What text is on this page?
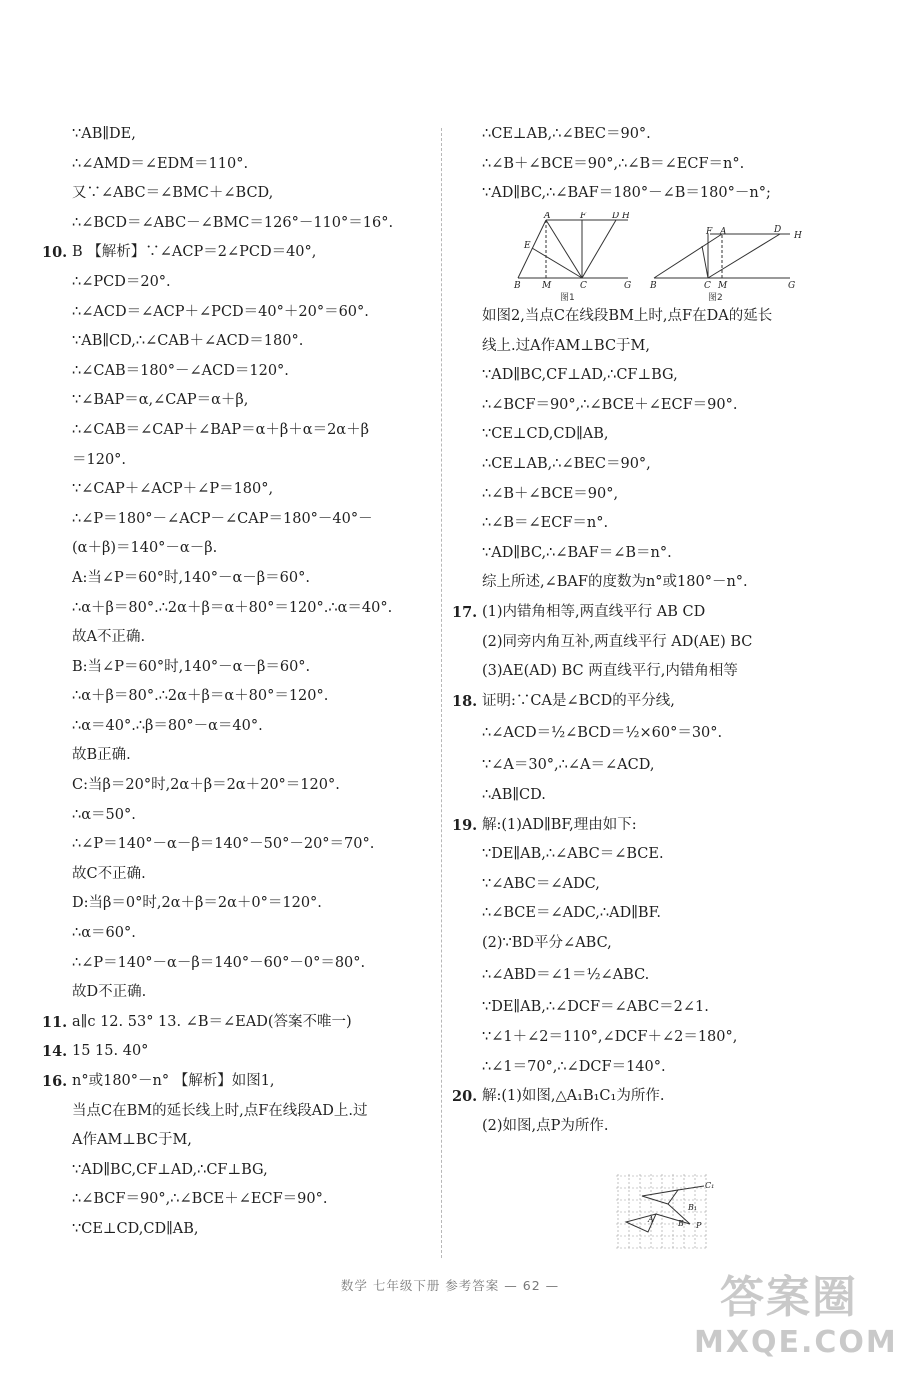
∵AB∥DE,
∴∠AMD＝∠EDM＝110°.
又∵∠ABC＝∠BMC＋∠BCD,
∴∠BCD＝∠ABC－∠BMC＝126°－110°＝16°.
10. B 【解析】∵∠ACP＝2∠PCD＝40°,
∴∠PCD＝20°.
∴∠ACD＝∠ACP＋∠PCD＝40°＋20°＝60°.
∵AB∥CD,∴∠CAB＋∠ACD＝180°.
∴∠CAB＝180°－∠ACD＝120°.
∵∠BAP＝α,∠CAP＝α＋β,
∴∠CAB＝∠CAP＋∠BAP＝α＋β＋α＝2α＋β
＝120°.
∵∠CAP＋∠ACP＋∠P＝180°,
∴∠P＝180°－∠ACP－∠CAP＝180°－40°－
(α＋β)＝140°－α－β.
A:当∠P＝60°时,140°－α－β＝60°.
∴α＋β＝80°.∴2α＋β＝α＋80°＝120°.∴α＝40°.
故A不正确.
B:当∠P＝60°时,140°－α－β＝60°.
∴α＋β＝80°.∴2α＋β＝α＋80°＝120°.
∴α＝40°.∴β＝80°－α＝40°.
故B正确.
C:当β＝20°时,2α＋β＝2α＋20°＝120°.
∴α＝50°.
∴∠P＝140°－α－β＝140°－50°－20°＝70°.
故C不正确.
D:当β＝0°时,2α＋β＝2α＋0°＝120°.
∴α＝60°.
∴∠P＝140°－α－β＝140°－60°－0°＝80°.
故D不正确.
11. a∥c 12. 53° 13. ∠B＝∠EAD(答案不唯一)
14. 15 15. 40°
16. n°或180°－n° 【解析】如图1,
当点C在BM的延长线上时,点F在线段AD上.过
A作AM⊥BC于M,
∵AD∥BC,CF⊥AD,∴CF⊥BG,
∴∠BCF＝90°,∴∠BCE＋∠ECF＝90°.
∵CE⊥CD,CD∥AB,
∴CE⊥AB,∴∠BEC＝90°.
∴∠B＋∠BCE＝90°,∴∠B＝∠ECF＝n°.
∵AD∥BC,∴∠BAF＝180°－∠B＝180°－n°;
A	F	D H
E
B M	C	G
图1
F A	D
H
B	C M	G
图2
如图2,当点C在线段BM上时,点F在DA的延长
线上.过A作AM⊥BC于M,
∵AD∥BC,CF⊥AD,∴CF⊥BG,
∴∠BCF＝90°,∴∠BCE＋∠ECF＝90°.
∵CE⊥CD,CD∥AB,
∴CE⊥AB,∴∠BEC＝90°,
∴∠B＋∠BCE＝90°,
∴∠B＝∠ECF＝n°.
∵AD∥BC,∴∠BAF＝∠B＝n°.
综上所述,∠BAF的度数为n°或180°－n°.
17. (1)内错角相等,两直线平行 AB CD
(2)同旁内角互补,两直线平行 AD(AE) BC
(3)AE(AD) BC 两直线平行,内错角相等
18. 证明:∵CA是∠BCD的平分线,
∴∠ACD＝½∠BCD＝½×60°＝30°.
∵∠A＝30°,∴∠A＝∠ACD,
∴AB∥CD.
19. 解:(1)AD∥BF,理由如下:
∵DE∥AB,∴∠ABC＝∠BCE.
∵∠ABC＝∠ADC,
∴∠BCE＝∠ADC,∴AD∥BF.
(2)∵BD平分∠ABC,
∴∠ABD＝∠1＝½∠ABC.
∵DE∥AB,∴∠DCF＝∠ABC＝2∠1.
∵∠1＋∠2＝110°,∠DCF＋∠2＝180°,
∴∠1＝70°,∴∠DCF＝140°.
20. 解:(1)如图,△A₁B₁C₁为所作.
(2)如图,点P为所作.
C₁
B₁
A	B P
数学 七年级下册 参考答案 — 62 —	答案圈
MXQE.COM
